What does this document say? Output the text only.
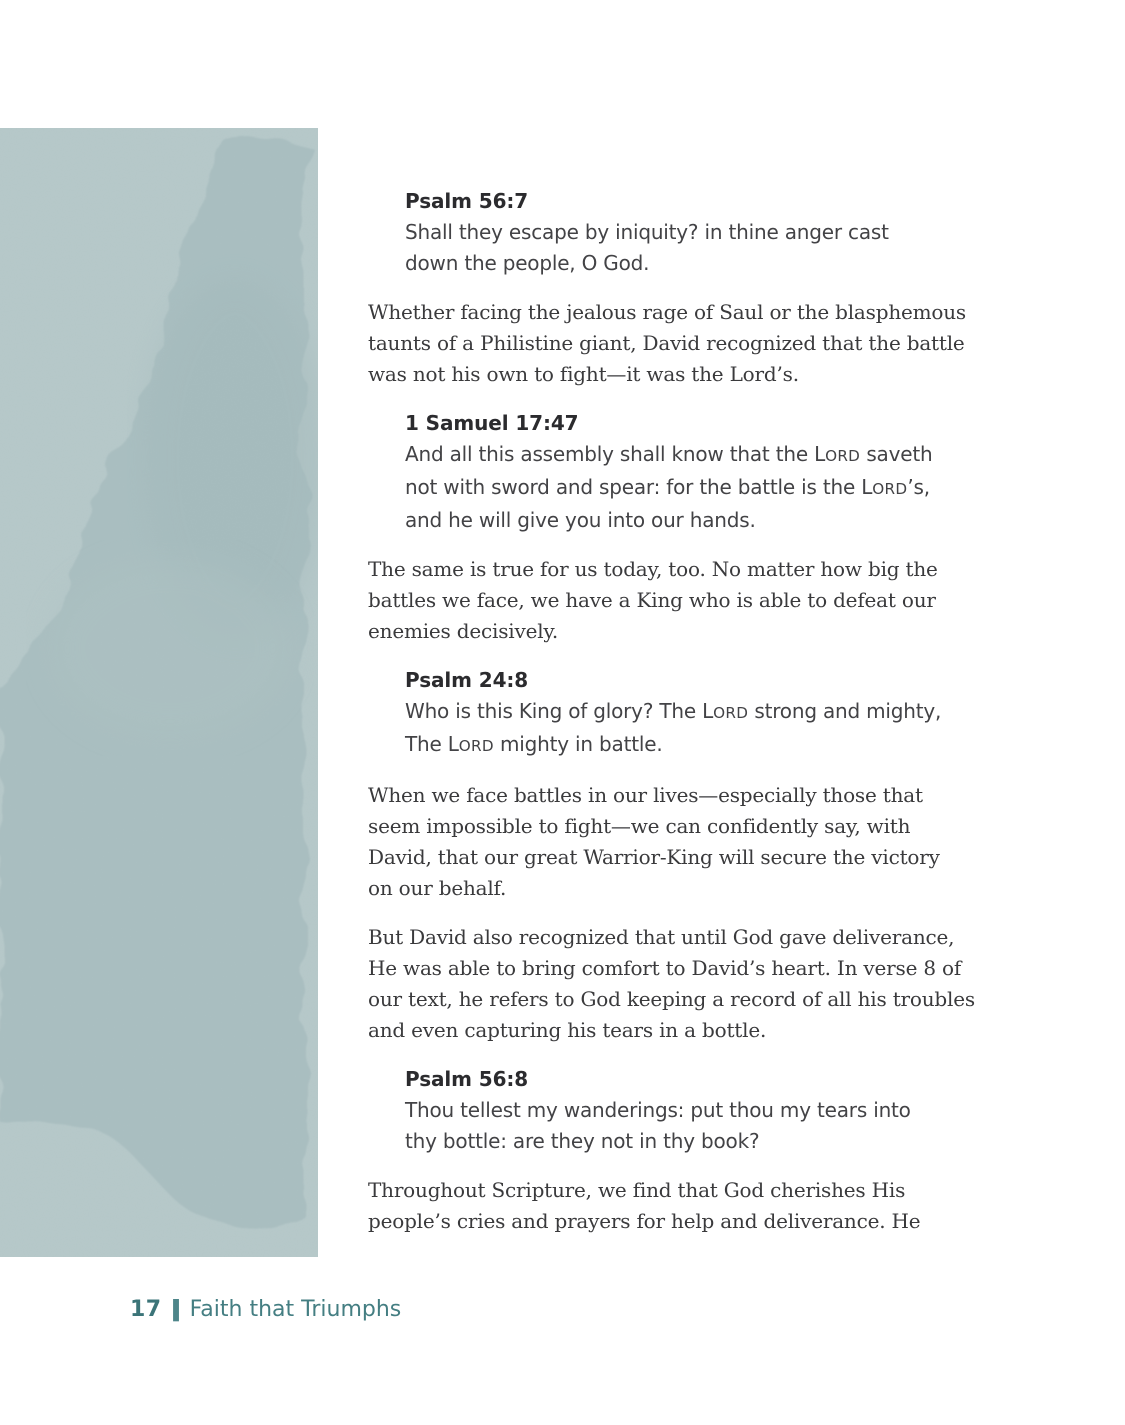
Psalm 56:7
Shall they escape by iniquity? in thine anger cast
down the people, O God.
Whether facing the jealous rage of Saul or the blasphemous
taunts of a Philistine giant, David recognized that the battle
was not his own to fight—it was the Lord’s.
1 Samuel 17:47
And all this assembly shall know that the LORD saveth
not with sword and spear: for the battle is the LORD’s,
and he will give you into our hands.
The same is true for us today, too. No matter how big the
battles we face, we have a King who is able to defeat our
enemies decisively.
Psalm 24:8
Who is this King of glory? The LORD strong and mighty,
The LORD mighty in battle.
When we face battles in our lives—especially those that
seem impossible to fight—we can confidently say, with
David, that our great Warrior-King will secure the victory
on our behalf.
But David also recognized that until God gave deliverance,
He was able to bring comfort to David’s heart. In verse 8 of
our text, he refers to God keeping a record of all his troubles
and even capturing his tears in a bottle.
Psalm 56:8
Thou tellest my wanderings: put thou my tears into
thy bottle: are they not in thy book?
Throughout Scripture, we find that God cherishes His
people’s cries and prayers for help and deliverance. He
17 | Faith that Triumphs
